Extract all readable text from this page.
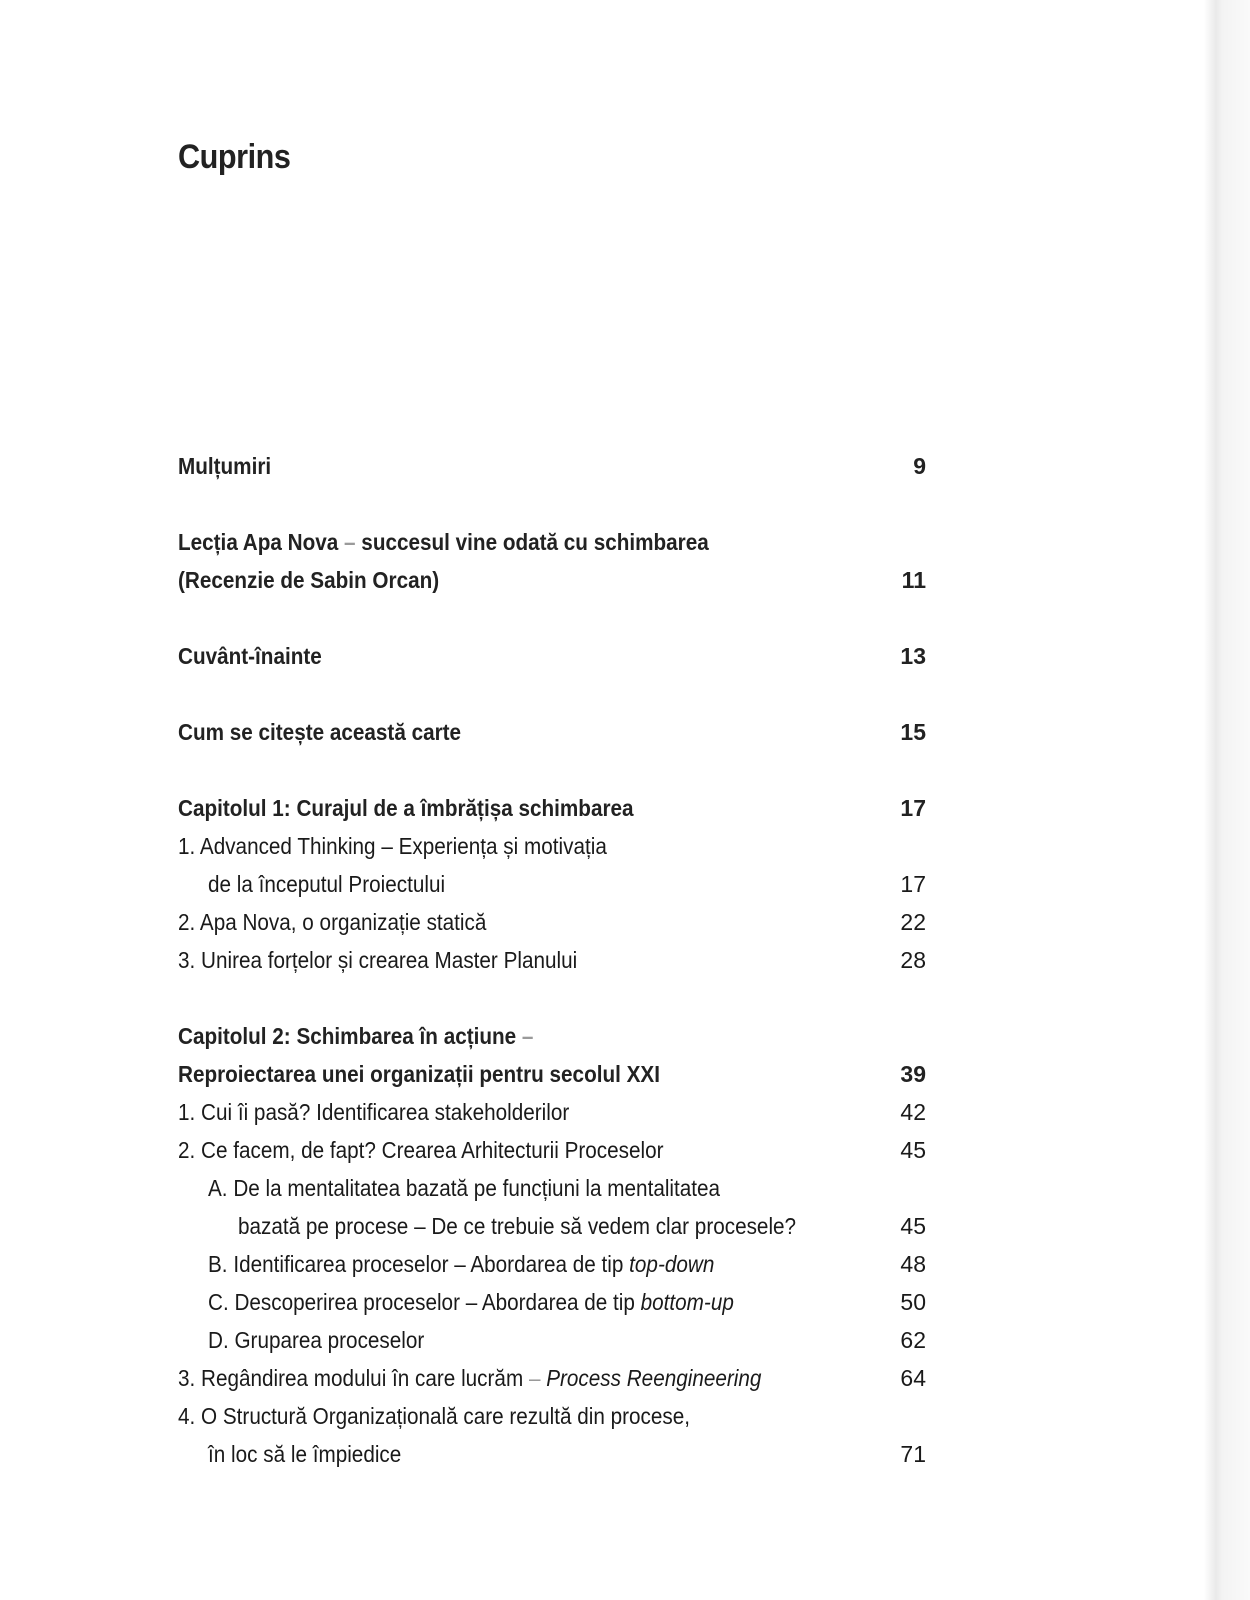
Cuprins
Mulțumiri	9
Lecția Apa Nova – succesul vine odată cu schimbarea
(Recenzie de Sabin Orcan)	11
Cuvânt-înainte	13
Cum se citește această carte	15
Capitolul 1: Curajul de a îmbrățișa schimbarea	17
1. Advanced Thinking – Experiența și motivația
de la începutul Proiectului	17
2. Apa Nova, o organizație statică	22
3. Unirea forțelor și crearea Master Planului	28
Capitolul 2: Schimbarea în acțiune –
Reproiectarea unei organizații pentru secolul XXI	39
1. Cui îi pasă? Identificarea stakeholderilor	42
2. Ce facem, de fapt? Crearea Arhitecturii Proceselor	45
A. De la mentalitatea bazată pe funcțiuni la mentalitatea
bazată pe procese – De ce trebuie să vedem clar procesele?	45
B. Identificarea proceselor – Abordarea de tip top-down	48
C. Descoperirea proceselor – Abordarea de tip bottom-up	50
D. Gruparea proceselor	62
3. Regândirea modului în care lucrăm – Process Reengineering	64
4. O Structură Organizațională care rezultă din procese,
în loc să le împiedice	71
